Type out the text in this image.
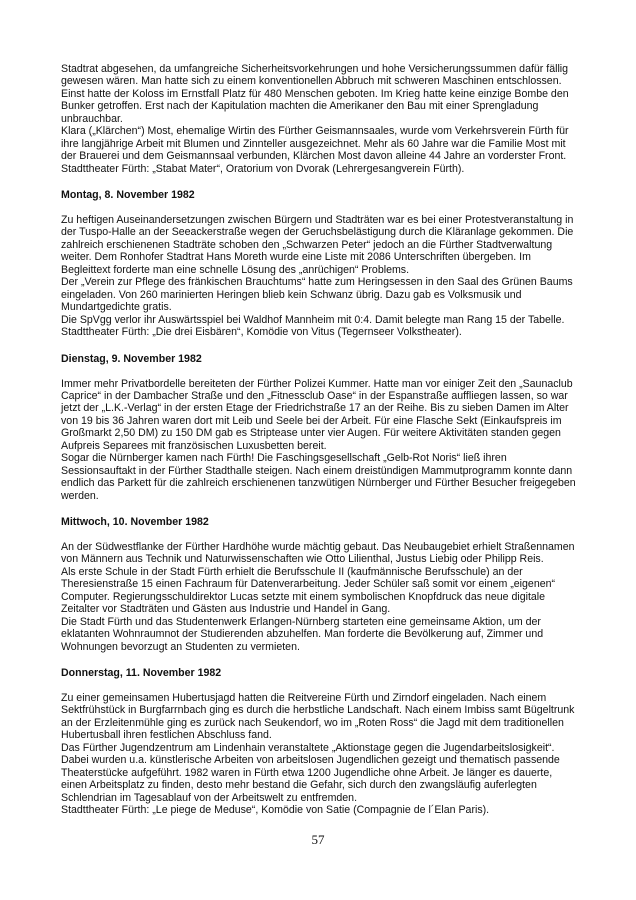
Stadtrat abgesehen, da umfangreiche Sicherheitsvorkehrungen und hohe Versicherungssummen dafür fällig gewesen wären. Man hatte sich zu einem konventionellen Abbruch mit schweren Maschinen entschlossen. Einst hatte der Koloss im Ernstfall Platz für 480 Menschen geboten. Im Krieg hatte keine einzige Bombe den Bunker getroffen. Erst nach der Kapitulation machten die Amerikaner den Bau mit einer Sprengladung unbrauchbar.

Klara („Klärchen“) Most, ehemalige Wirtin des Fürther Geismannsaales, wurde vom Verkehrsverein Fürth für ihre langjährige Arbeit mit Blumen und Zinnteller ausgezeichnet. Mehr als 60 Jahre war die Familie Most mit der Brauerei und dem Geismannsaal verbunden, Klärchen Most davon alleine 44 Jahre an vorderster Front.

Stadttheater Fürth: „Stabat Mater“, Oratorium von Dvorak (Lehrergesangverein Fürth).

Montag, 8. November 1982

Zu heftigen Auseinandersetzungen zwischen Bürgern und Stadträten war es bei einer Protestveranstaltung in der Tuspo-Halle an der Seeackerstraße wegen der Geruchsbelästigung durch die Kläranlage gekommen. Die zahlreich erschienenen Stadträte schoben den „Schwarzen Peter“ jedoch an die Fürther Stadtverwaltung weiter. Dem Ronhofer Stadtrat Hans Moreth wurde eine Liste mit 2086 Unterschriften übergeben. Im Begleittext forderte man eine schnelle Lösung des „anrüchigen“ Problems.

Der „Verein zur Pflege des fränkischen Brauchtums“ hatte zum Heringsessen in den Saal des Grünen Baums eingeladen. Von 260 marinierten Heringen blieb kein Schwanz übrig. Dazu gab es Volksmusik und Mundartgedichte gratis.

Die SpVgg verlor ihr Auswärtsspiel bei Waldhof Mannheim mit 0:4. Damit belegte man Rang 15 der Tabelle.

Stadttheater Fürth: „Die drei Eisbären“, Komödie von Vitus (Tegernseer Volkstheater).

Dienstag, 9. November 1982

Immer mehr Privatbordelle bereiteten der Fürther Polizei Kummer. Hatte man vor einiger Zeit den „Saunaclub Caprice“ in der Dambacher Straße und den „Fitnessclub Oase“ in der Espanstraße auffliegen lassen, so war jetzt der „L.K.-Verlag“ in der ersten Etage der Friedrichstraße 17 an der Reihe. Bis zu sieben Damen im Alter von 19 bis 36 Jahren waren dort mit Leib und Seele bei der Arbeit. Für eine Flasche Sekt (Einkaufspreis im Großmarkt 2,50 DM) zu 150 DM gab es Striptease unter vier Augen. Für weitere Aktivitäten standen gegen Aufpreis Separees mit französischen Luxusbetten bereit.

Sogar die Nürnberger kamen nach Fürth! Die Faschingsgesellschaft „Gelb-Rot Noris“ ließ ihren Sessionsauftakt in der Fürther Stadthalle steigen. Nach einem dreistündigen Mammutprogramm konnte dann endlich das Parkett für die zahlreich erschienenen tanzwütigen Nürnberger und Fürther Besucher freigegeben werden.

Mittwoch, 10. November 1982

An der Südwestflanke der Fürther Hardhöhe wurde mächtig gebaut. Das Neubaugebiet erhielt Straßennamen von Männern aus Technik und Naturwissenschaften wie Otto Lilienthal, Justus Liebig oder Philipp Reis.

Als erste Schule in der Stadt Fürth erhielt die Berufsschule II (kaufmännische Berufsschule) an der Theresienstraße 15 einen Fachraum für Datenverarbeitung. Jeder Schüler saß somit vor einem „eigenen“ Computer. Regierungsschuldirektor Lucas setzte mit einem symbolischen Knopfdruck das neue digitale Zeitalter vor Stadträten und Gästen aus Industrie und Handel in Gang.

Die Stadt Fürth und das Studentenwerk Erlangen-Nürnberg starteten eine gemeinsame Aktion, um der eklatanten Wohnraumnot der Studierenden abzuhelfen. Man forderte die Bevölkerung auf, Zimmer und Wohnungen bevorzugt an Studenten zu vermieten.

Donnerstag, 11. November 1982

Zu einer gemeinsamen Hubertusjagd hatten die Reitvereine Fürth und Zirndorf eingeladen. Nach einem Sektfrühstück in Burgfarrnbach ging es durch die herbstliche Landschaft. Nach einem Imbiss samt Bügeltrunk an der Erzleitenmühle ging es zurück nach Seukendorf, wo im „Roten Ross“ die Jagd mit dem traditionellen Hubertusball ihren festlichen Abschluss fand.

Das Fürther Jugendzentrum am Lindenhain veranstaltete „Aktionstage gegen die Jugendarbeitslosigkeit“. Dabei wurden u.a. künstlerische Arbeiten von arbeitslosen Jugendlichen gezeigt und thematisch passende Theaterstücke aufgeführt. 1982 waren in Fürth etwa 1200 Jugendliche ohne Arbeit. Je länger es dauerte, einen Arbeitsplatz zu finden, desto mehr bestand die Gefahr, sich durch den zwangsläufig auferlegten Schlendrian im Tagesablauf von der Arbeitswelt zu entfremden.

Stadttheater Fürth: „Le piege de Meduse“, Komödie von Satie (Compagnie de l´Elan Paris).

57
